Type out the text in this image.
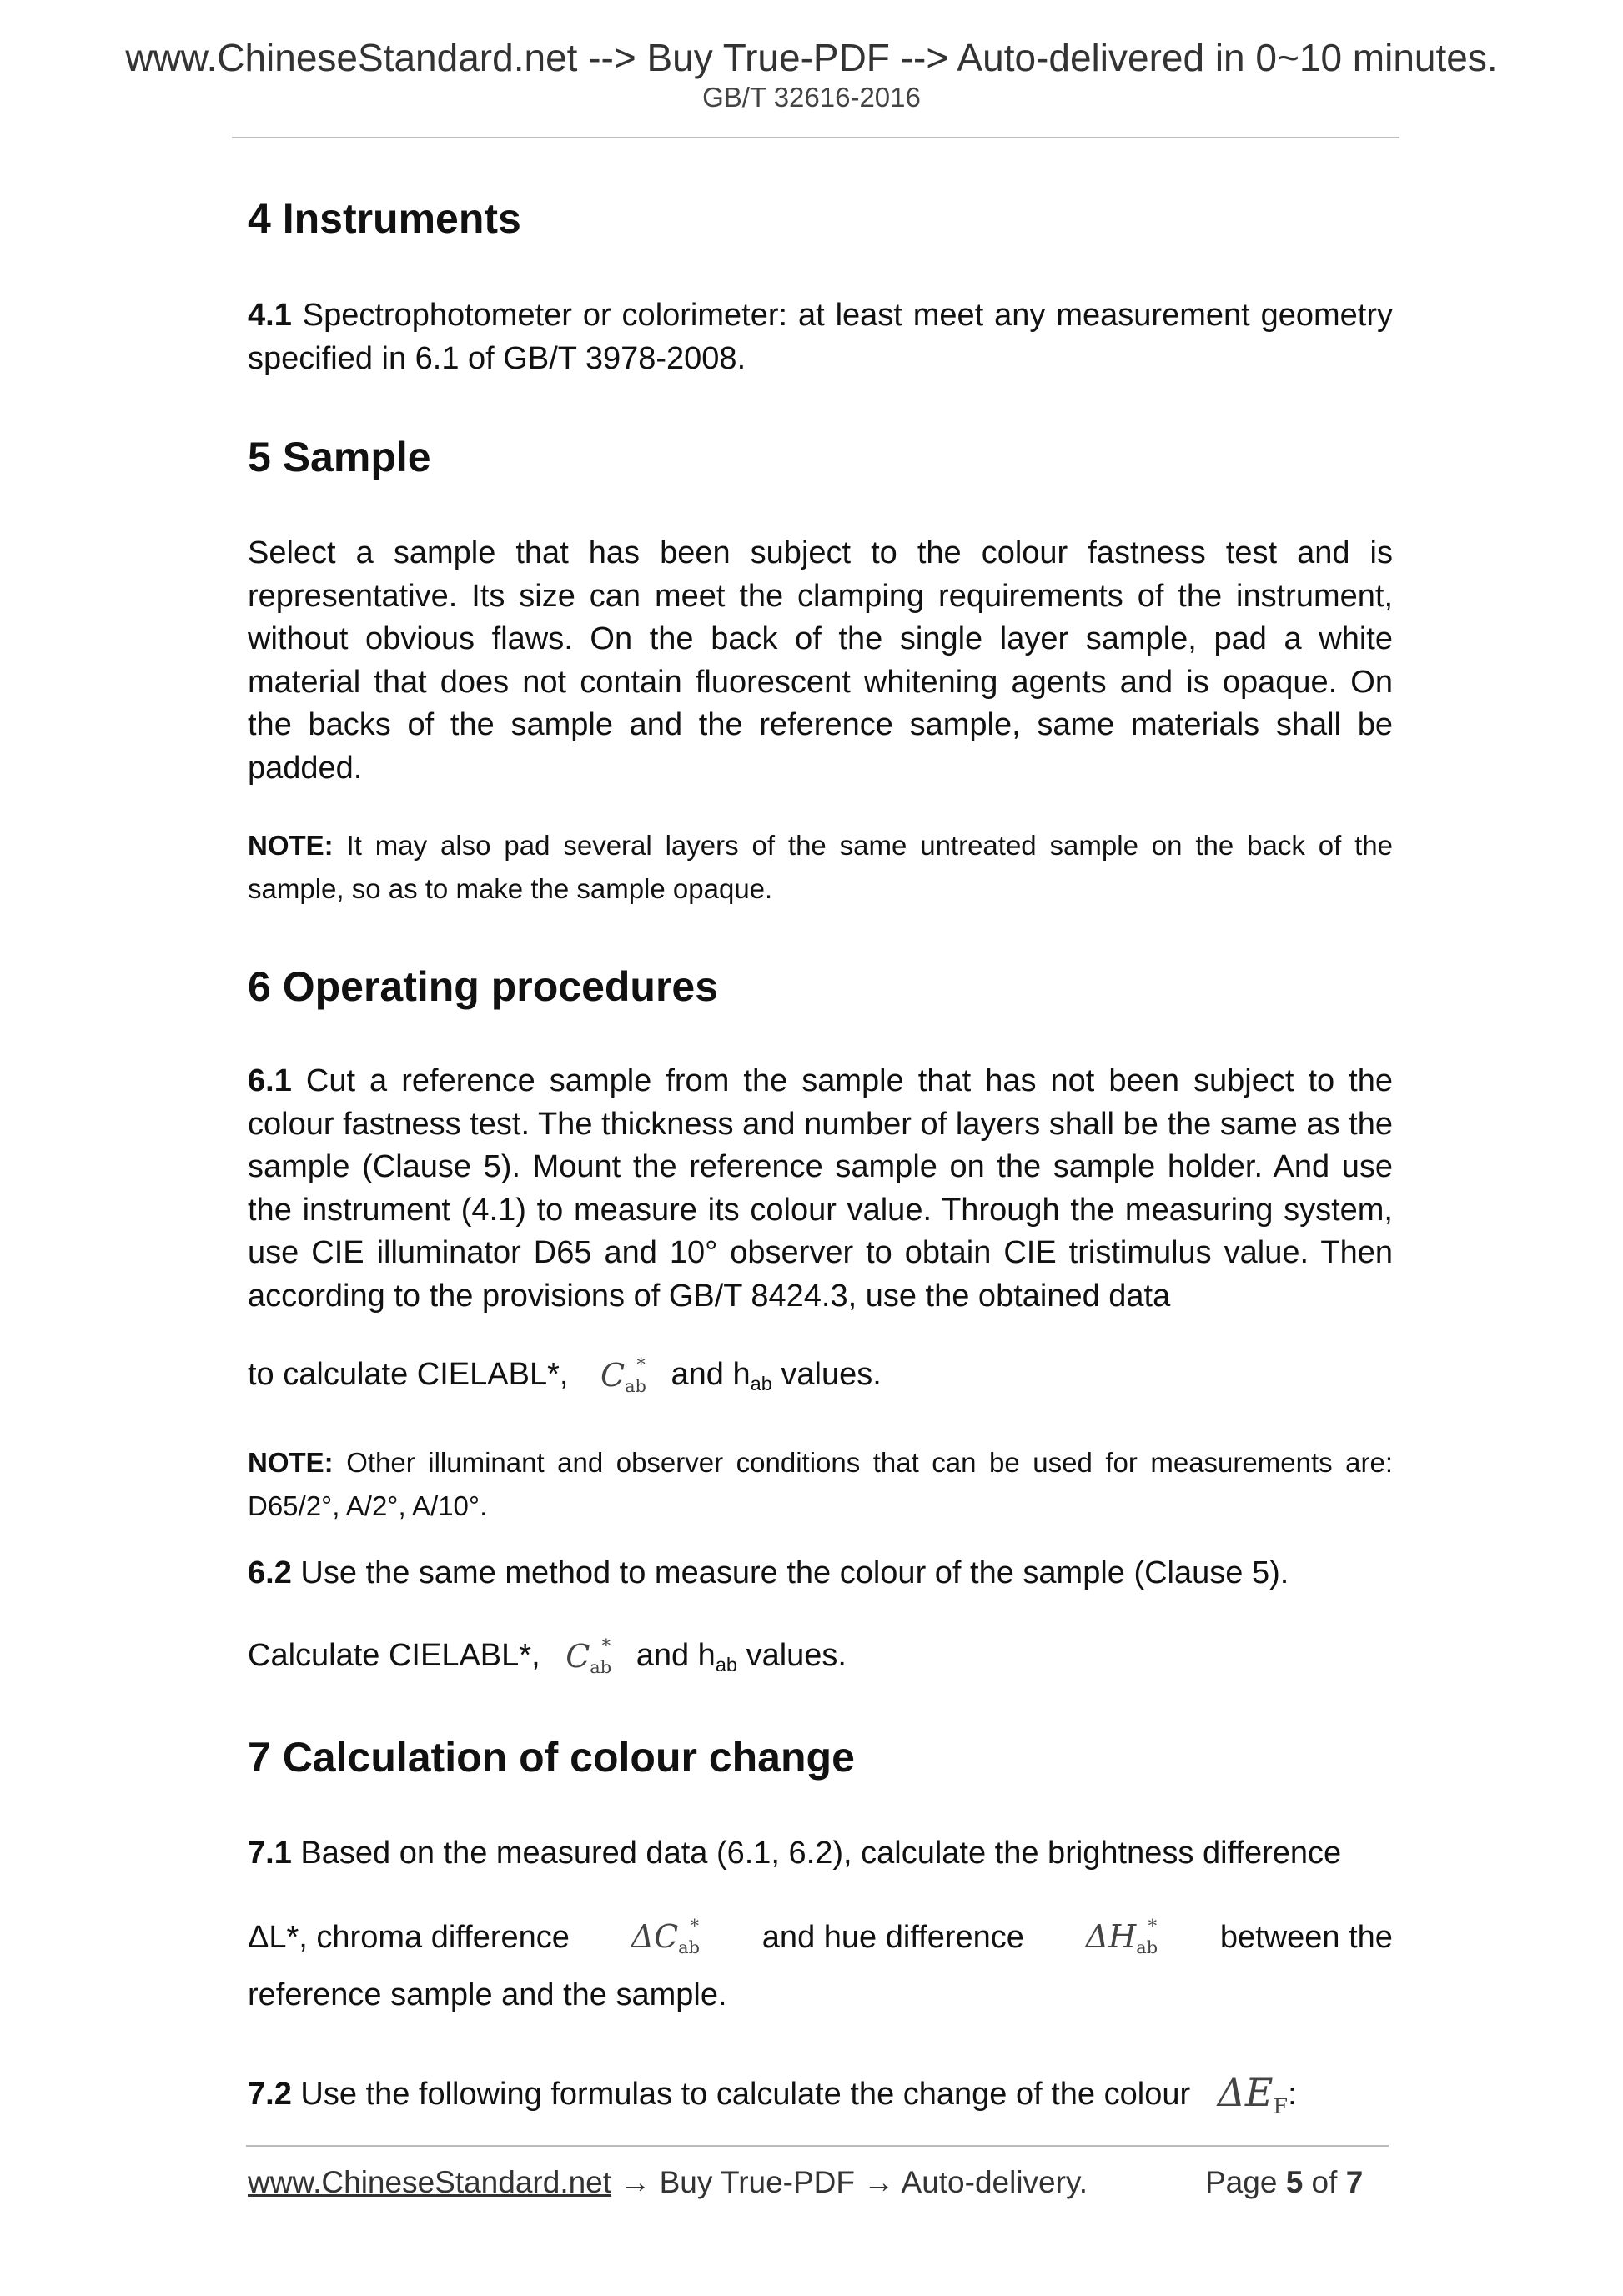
www.ChineseStandard.net --> Buy True-PDF --> Auto-delivered in 0~10 minutes.
GB/T 32616-2016
4 Instruments

4.1 Spectrophotometer or colorimeter: at least meet any measurement geometry specified in 6.1 of GB/T 3978-2008.

5 Sample

Select a sample that has been subject to the colour fastness test and is representative. Its size can meet the clamping requirements of the instrument, without obvious flaws. On the back of the single layer sample, pad a white material that does not contain fluorescent whitening agents and is opaque. On the backs of the sample and the reference sample, same materials shall be padded.

NOTE: It may also pad several layers of the same untreated sample on the back of the sample, so as to make the sample opaque.

6 Operating procedures

6.1 Cut a reference sample from the sample that has not been subject to the colour fastness test. The thickness and number of layers shall be the same as the sample (Clause 5). Mount the reference sample on the sample holder. And use the instrument (4.1) to measure its colour value. Through the measuring system, use CIE illuminator D65 and 10° observer to obtain CIE tristimulus value. Then according to the provisions of GB/T 8424.3, use the obtained data

to calculate CIELABL*, $C_{ab}^*$ and hab values.

NOTE: Other illuminant and observer conditions that can be used for measurements are: D65/2°, A/2°, A/10°.

6.2 Use the same method to measure the colour of the sample (Clause 5).

Calculate CIELABL*, $C_{ab}^*$ and hab values.
7 Calculation of colour change

7.1 Based on the measured data (6.1, 6.2), calculate the brightness difference

ΔL*, chroma difference $\Delta C_{ab}^*$ and hue difference $\Delta H_{ab}^*$ between the
reference sample and the sample.
7.2 Use the following formulas to calculate the change of the colour $\Delta E_F$:
www.ChineseStandard.net → Buy True-PDF → Auto-delivery.	Page 5 of 7
